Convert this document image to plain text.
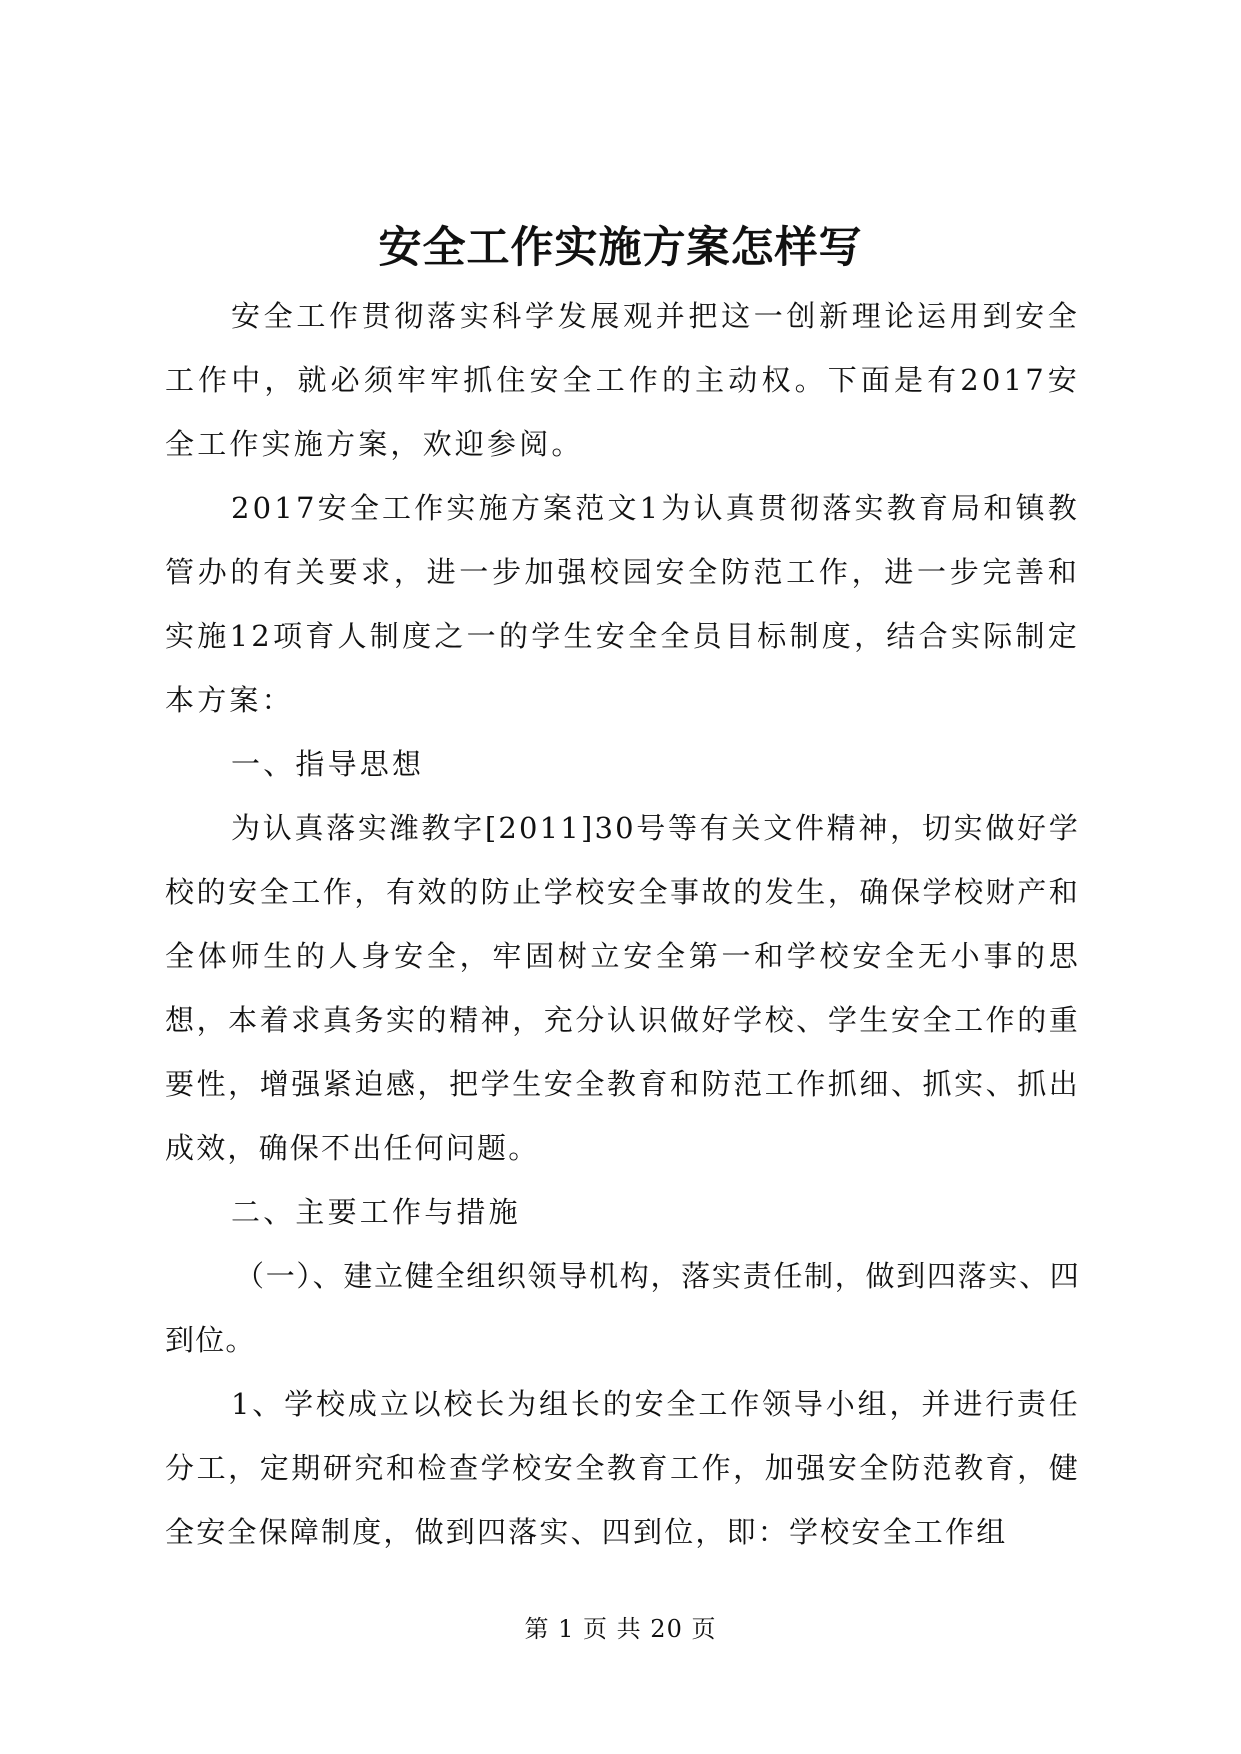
安全工作实施方案怎样写

安全工作贯彻落实科学发展观并把这一创新理论运用到安全工作中，就必须牢牢抓住安全工作的主动权。下面是有2017安全工作实施方案，欢迎参阅。

2017安全工作实施方案范文1为认真贯彻落实教育局和镇教管办的有关要求，进一步加强校园安全防范工作，进一步完善和实施12项育人制度之一的学生安全全员目标制度，结合实际制定本方案：

一、指导思想

为认真落实潍教字[2011]30号等有关文件精神，切实做好学校的安全工作，有效的防止学校安全事故的发生，确保学校财产和全体师生的人身安全，牢固树立安全第一和学校安全无小事的思想，本着求真务实的精神，充分认识做好学校、学生安全工作的重要性，增强紧迫感，把学生安全教育和防范工作抓细、抓实、抓出成效，确保不出任何问题。

二、主要工作与措施

（一）、建立健全组织领导机构，落实责任制，做到四落实、四到位。

1、学校成立以校长为组长的安全工作领导小组，并进行责任分工，定期研究和检查学校安全教育工作，加强安全防范教育，健全安全保障制度，做到四落实、四到位，即：学校安全工作组

第 1 页 共 20 页
